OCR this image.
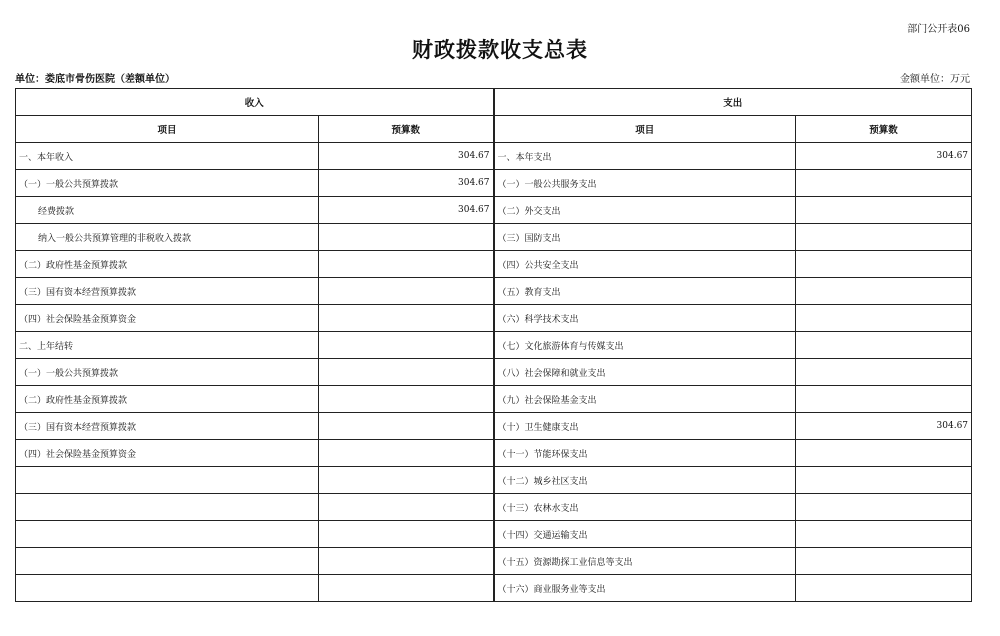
部门公开表06
财政拨款收支总表
单位：娄底市骨伤医院（差额单位）	金额单位：万元
收入		支出	
项目	预算数	项目	预算数
一、本年收入	304.67	一、本年支出	304.67
（一）一般公共预算拨款	304.67	（一）一般公共服务支出	
经费拨款	304.67	（二）外交支出	
纳入一般公共预算管理的非税收入拨款		（三）国防支出	
（二）政府性基金预算拨款		（四）公共安全支出	
（三）国有资本经营预算拨款		（五）教育支出	
（四）社会保险基金预算资金		（六）科学技术支出	
二、上年结转		（七）文化旅游体育与传媒支出	
（一）一般公共预算拨款		（八）社会保障和就业支出	
（二）政府性基金预算拨款		（九）社会保险基金支出	
（三）国有资本经营预算拨款		（十）卫生健康支出	304.67
（四）社会保险基金预算资金		（十一）节能环保支出	
		（十二）城乡社区支出	
		（十三）农林水支出	
		（十四）交通运输支出	
		（十五）资源勘探工业信息等支出	
		（十六）商业服务业等支出	
